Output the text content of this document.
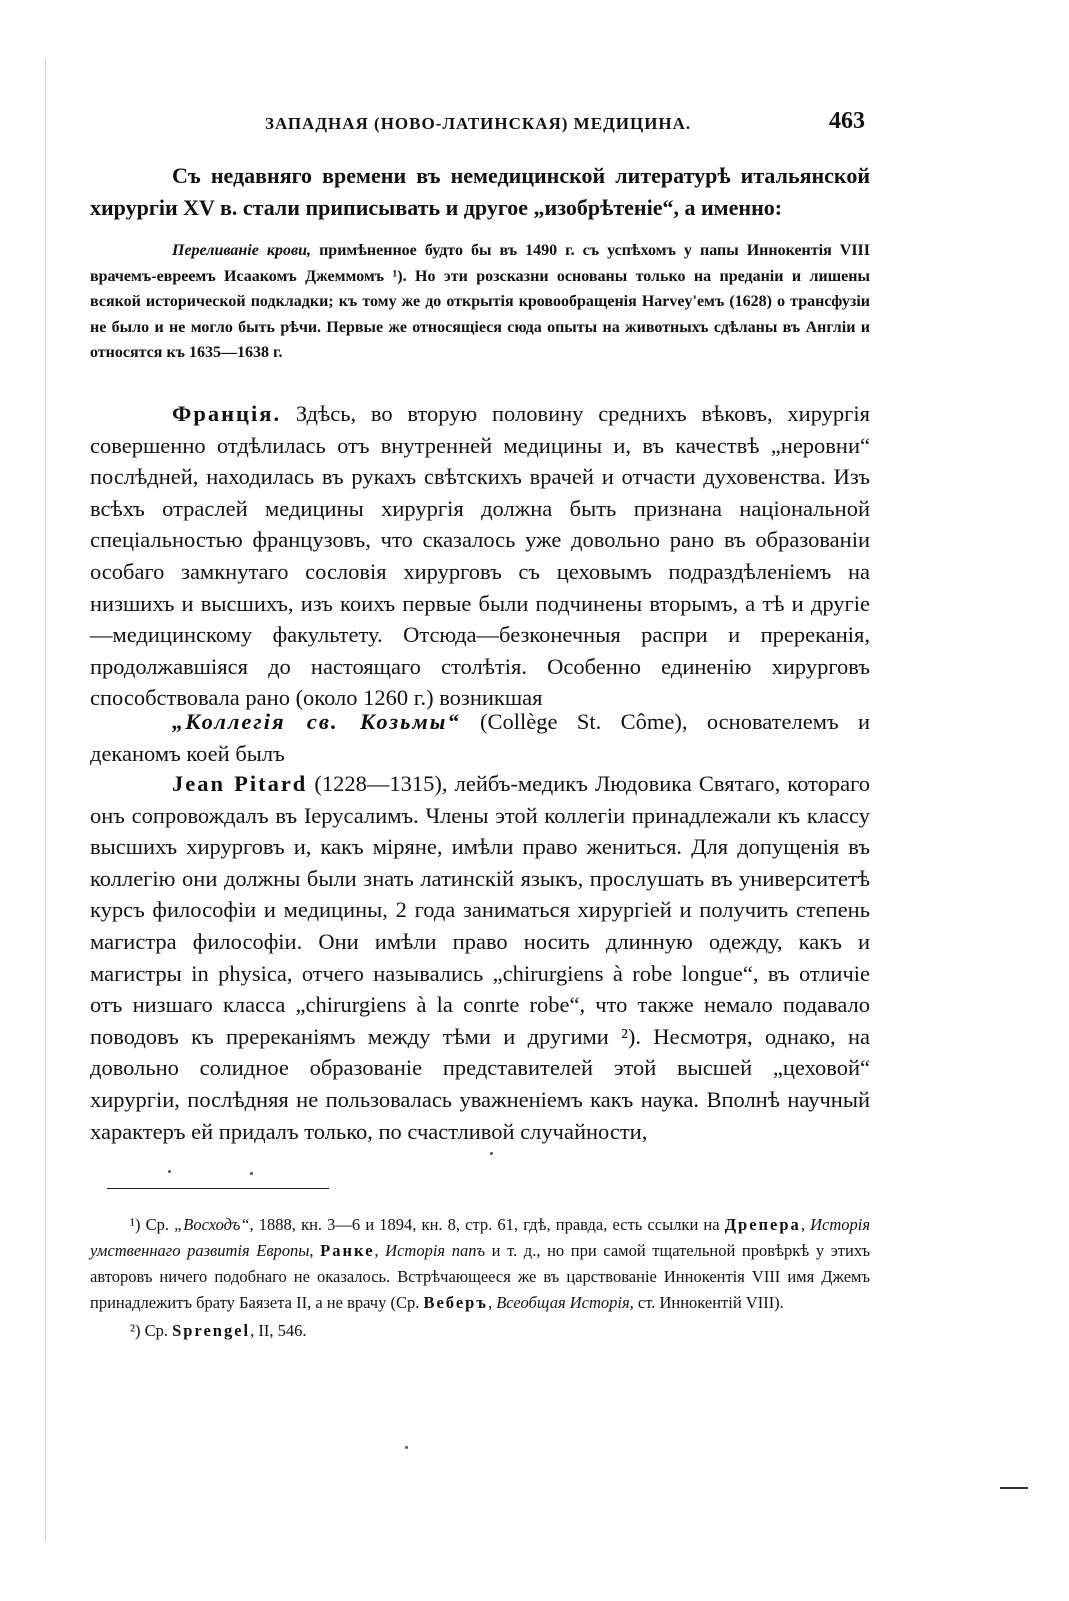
ЗАПАДНАЯ (НОВО-ЛАТИНСКАЯ) МЕДИЦИНА.	463
Съ недавняго времени въ немедицинской литературѣ итальянской хирургіи XV в. стали приписывать и другое „изобрѣтеніе“, а именно:
Переливаніе крови, примѣненное будто бы въ 1490 г. съ успѣхомъ у папы Иннокентія VIII врачемъ-евреемъ Исаакомъ Джеммомъ ¹). Но эти розсказни основаны только на преданіи и лишены всякой исторической подкладки; къ тому же до открытія кровообращенія Harvey'емъ (1628) о трансфузіи не было и не могло быть рѣчи. Первые же относящіеся сюда опыты на животныхъ сдѣланы въ Англіи и относятся къ 1635—1638 г.
Франція. Здѣсь, во вторую половину среднихъ вѣковъ, хирургія совершенно отдѣлилась отъ внутренней медицины и, въ качествѣ „неровни“ послѣдней, находилась въ рукахъ свѣтскихъ врачей и отчасти духовенства. Изъ всѣхъ отраслей медицины хирургія должна быть признана національной спеціальностью французовъ, что сказалось уже довольно рано въ образованіи особаго замкнутаго сословія хирурговъ съ цеховымъ подраздѣленіемъ на низшихъ и высшихъ, изъ коихъ первые были подчинены вторымъ, а тѣ и другіе—медицинскому факультету. Отсюда—безконечныя распри и пререканія, продолжавшіяся до настоящаго столѣтія. Особенно единенію хирурговъ способствовала рано (около 1260 г.) возникшая
„Коллегія св. Козьмы“ (Collège St. Côme), основателемъ и деканомъ коей былъ
Jean Pitard (1228—1315), лейбъ-медикъ Людовика Святаго, котораго онъ сопровождалъ въ Іерусалимъ. Члены этой коллегіи принадлежали къ классу высшихъ хирурговъ и, какъ міряне, имѣли право жениться. Для допущенія въ коллегію они должны были знать латинскій языкъ, прослушать въ университетѣ курсъ философіи и медицины, 2 года заниматься хирургіей и получить степень магистра философіи. Они имѣли право носить длинную одежду, какъ и магистры in physica, отчего назывались „chirurgiens à robe longue“, въ отличіе отъ низшаго класса „chirurgiens à la conrte robe“, что также немало подавало поводовъ къ пререканіямъ между тѣми и другими ²). Несмотря, однако, на довольно солидное образованіе представителей этой высшей „цеховой“ хирургіи, послѣдняя не пользовалась уважненіемъ какъ наука. Вполнѣ научный характеръ ей придалъ только, по счастливой случайности,

¹) Ср. „Восходъ“, 1888, кн. 3—6 и 1894, кн. 8, стр. 61, гдѣ, правда, есть ссылки на Дрепера, Исторія умственнаго развитія Европы, Ранке, Исторія папъ и т. д., но при самой тщательной провѣркѣ у этихъ авторовъ ничего подобнаго не оказалось. Встрѣчающееся же въ царствованіе Иннокентія VIII имя Джемъ принадлежитъ брату Баязета II, а не врачу (Ср. Веберъ, Всеобщая Исторія, ст. Иннокентій VIII).

²) Ср. Sprengel, II, 546.
